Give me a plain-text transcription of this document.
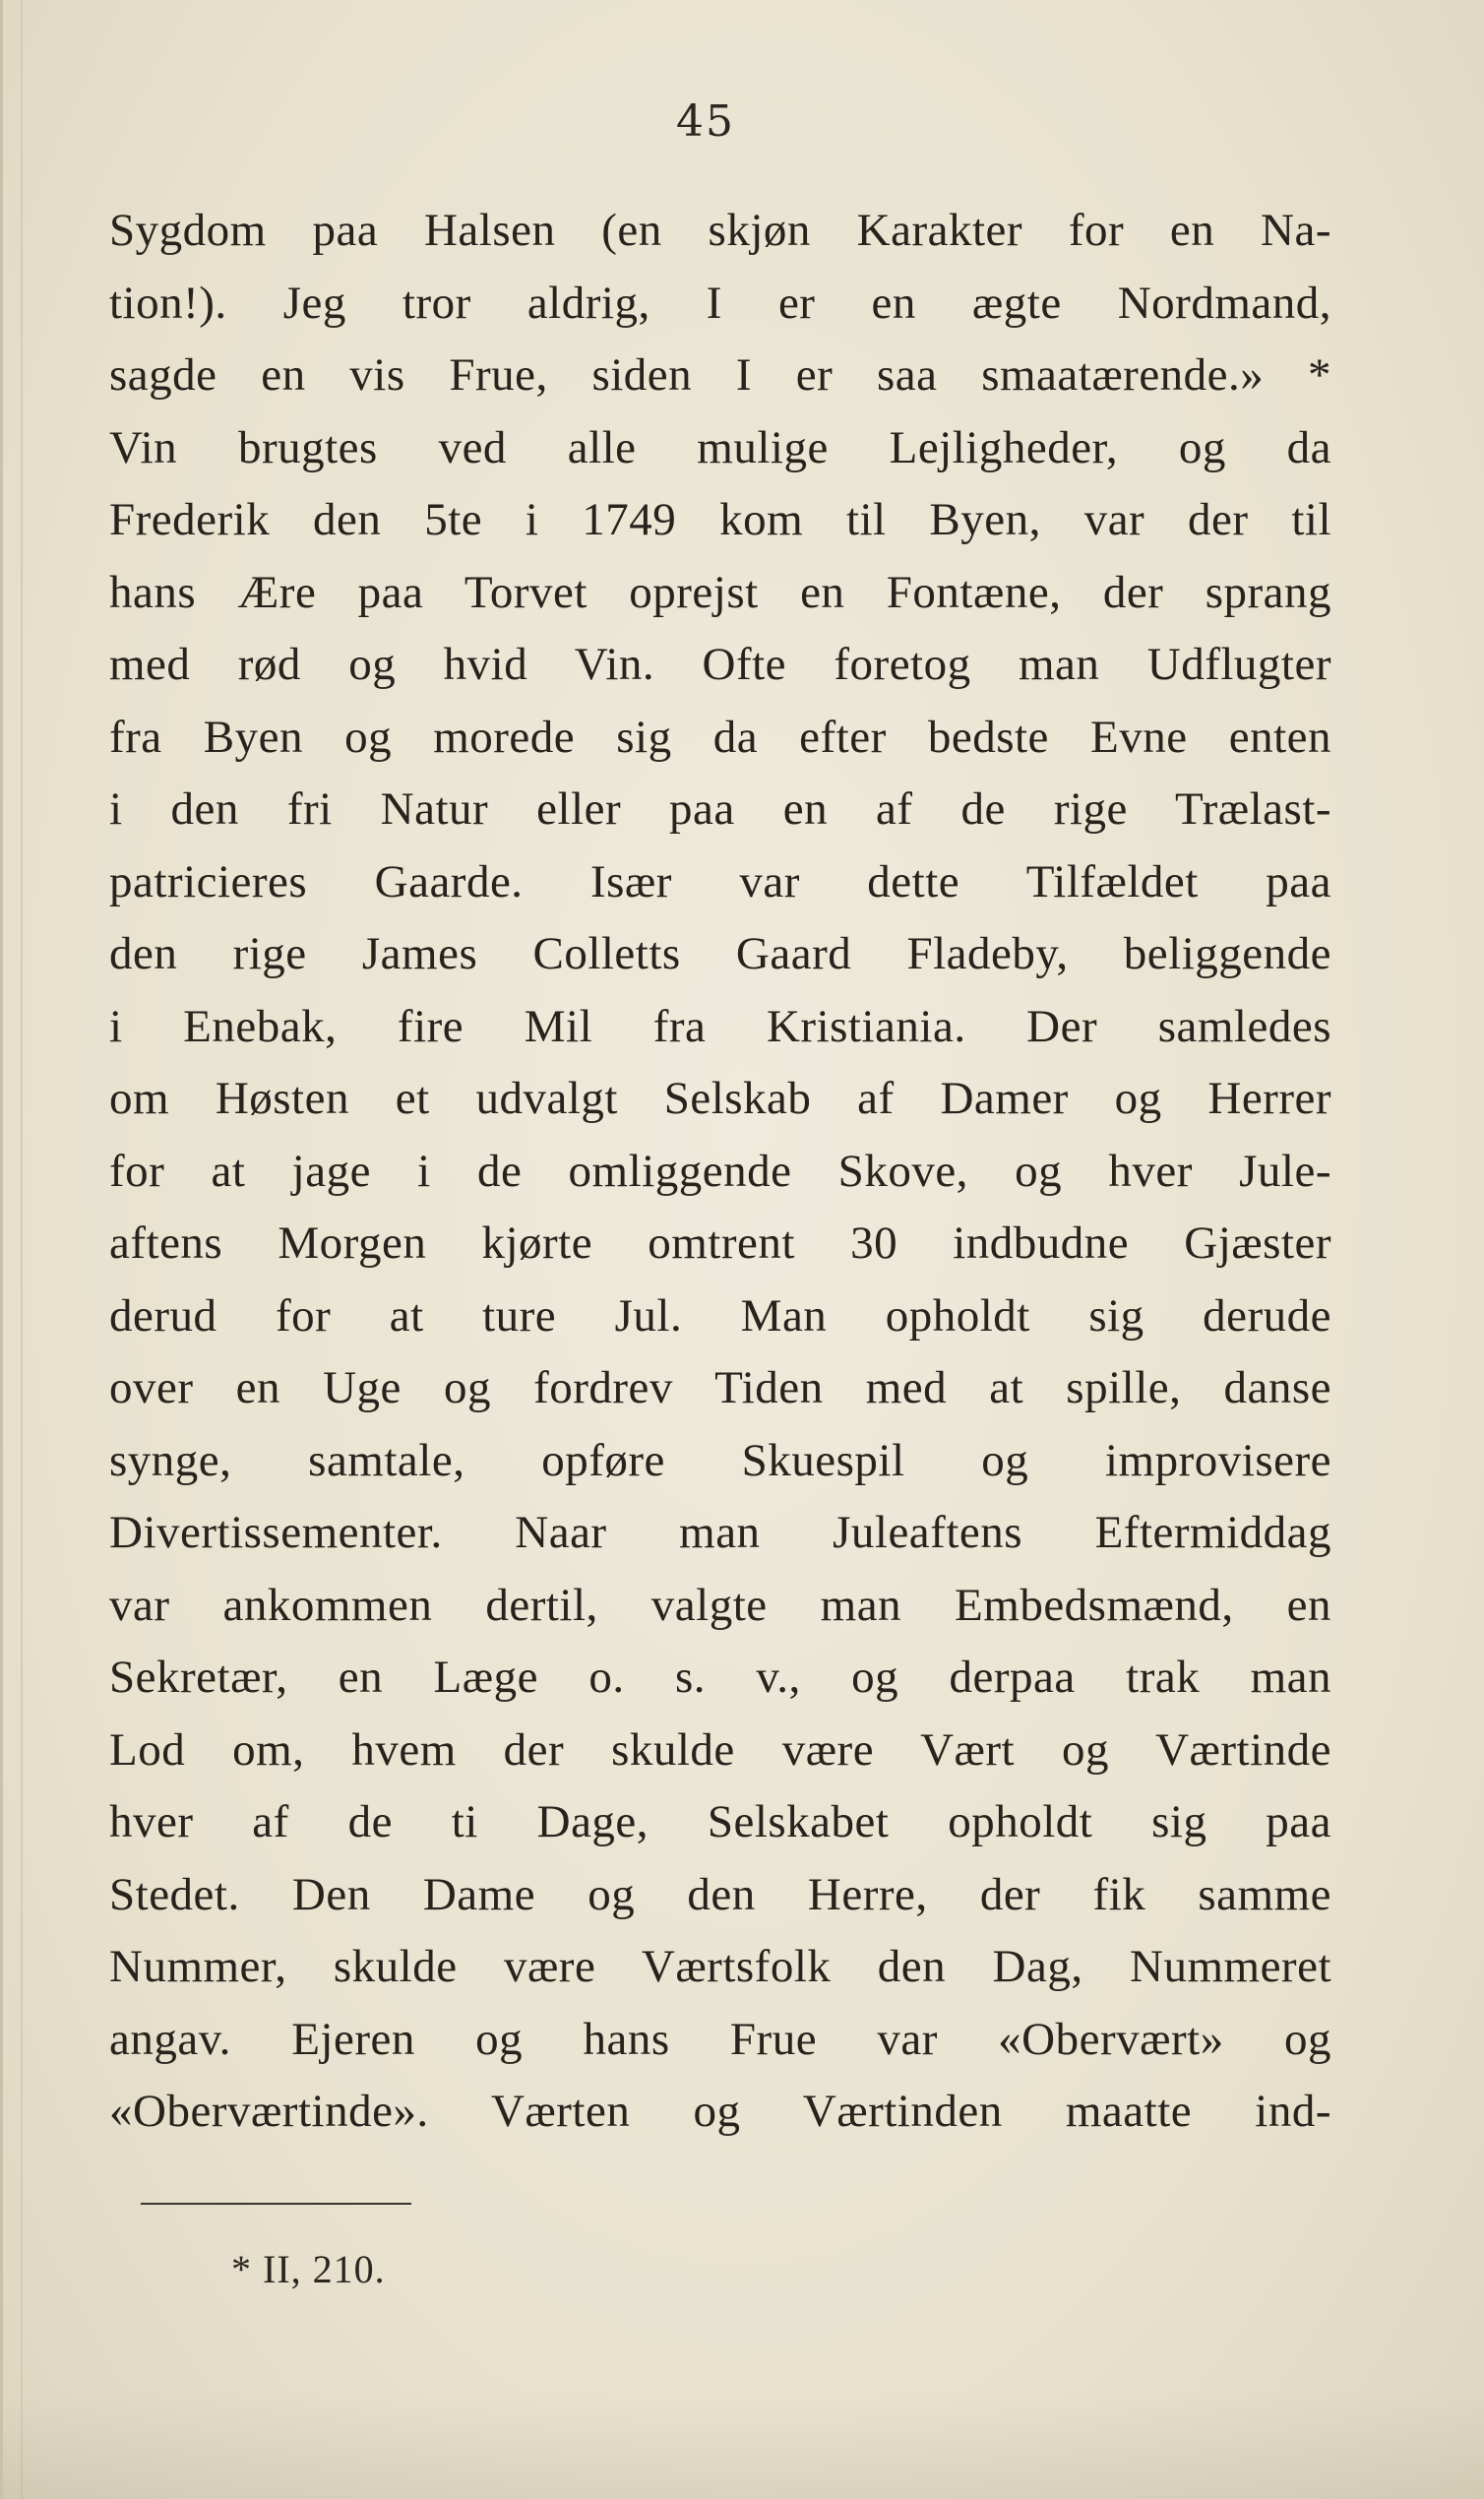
45
Sygdom paa Halsen (en skjøn Karakter for en Na-
tion!). Jeg tror aldrig, I er en ægte Nordmand,
sagde en vis Frue, siden I er saa smaatærende.» *
Vin brugtes ved alle mulige Lejligheder, og da
Frederik den 5te i 1749 kom til Byen, var der til
hans Ære paa Torvet oprejst en Fontæne, der sprang
med rød og hvid Vin. Ofte foretog man Udflugter
fra Byen og morede sig da efter bedste Evne enten
i den fri Natur eller paa en af de rige Trælast-
patricieres Gaarde. Især var dette Tilfældet paa
den rige James Colletts Gaard Fladeby, beliggende
i Enebak, fire Mil fra Kristiania. Der samledes
om Høsten et udvalgt Selskab af Damer og Herrer
for at jage i de omliggende Skove, og hver Jule-
aftens Morgen kjørte omtrent 30 indbudne Gjæster
derud for at ture Jul. Man opholdt sig derude
over en Uge og fordrev Tiden med at spille, danse
synge, samtale, opføre Skuespil og improvisere
Divertissementer. Naar man Juleaftens Eftermiddag
var ankommen dertil, valgte man Embedsmænd, en
Sekretær, en Læge o. s. v., og derpaa trak man
Lod om, hvem der skulde være Vært og Værtinde
hver af de ti Dage, Selskabet opholdt sig paa
Stedet. Den Dame og den Herre, der fik samme
Nummer, skulde være Værtsfolk den Dag, Nummeret
angav. Ejeren og hans Frue var «Obervært» og
«Oberværtinde». Værten og Værtinden maatte ind-
* II, 210.
